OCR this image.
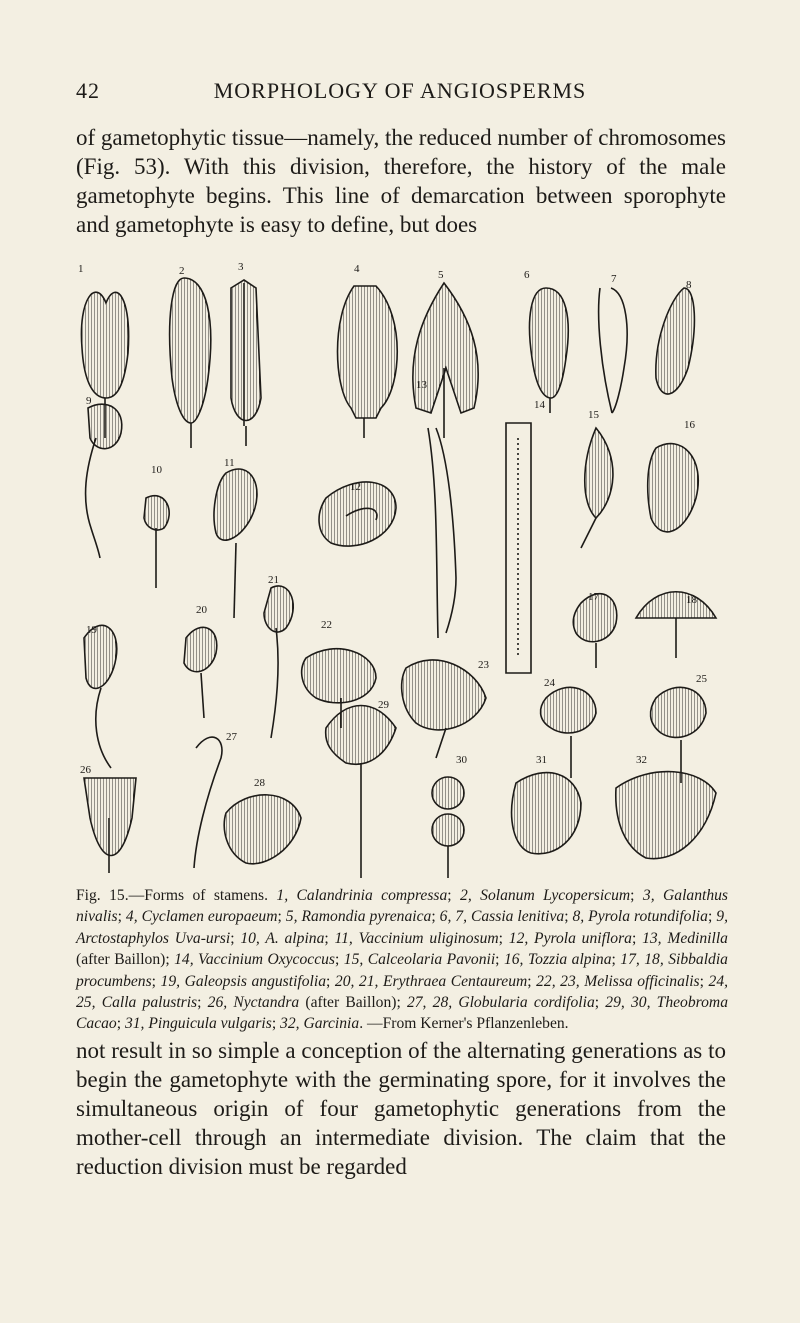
42	MORPHOLOGY OF ANGIOSPERMS
of gametophytic tissue—namely, the reduced number of chromosomes (Fig. 53). With this division, therefore, the history of the male gametophyte begins. This line of demarcation between sporophyte and gametophyte is easy to define, but does
1	2	3	4	5	6	7	8
9
10
11
12
13
14
15
16
17	18
19
20
21
22
23
24	25
26
27
28
29
30	31	32
Fig. 15.—Forms of stamens. 1, Calandrinia compressa; 2, Solanum Lycopersicum; 3, Galanthus nivalis; 4, Cyclamen europaeum; 5, Ramondia pyrenaica; 6, 7, Cassia lenitiva; 8, Pyrola rotundifolia; 9, Arctostaphylos Uva-ursi; 10, A. alpina; 11, Vaccinium uliginosum; 12, Pyrola uniflora; 13, Medinilla (after Baillon); 14, Vaccinium Oxycoccus; 15, Calceolaria Pavonii; 16, Tozzia alpina; 17, 18, Sibbaldia procumbens; 19, Galeopsis angustifolia; 20, 21, Erythraea Centaureum; 22, 23, Melissa officinalis; 24, 25, Calla palustris; 26, Nyctandra (after Baillon); 27, 28, Globularia cordifolia; 29, 30, Theobroma Cacao; 31, Pinguicula vulgaris; 32, Garcinia. —From Kerner's Pflanzenleben.
not result in so simple a conception of the alternating generations as to begin the gametophyte with the germinating spore, for it involves the simultaneous origin of four gametophytic generations from the mother-cell through an intermediate division. The claim that the reduction division must be regarded
